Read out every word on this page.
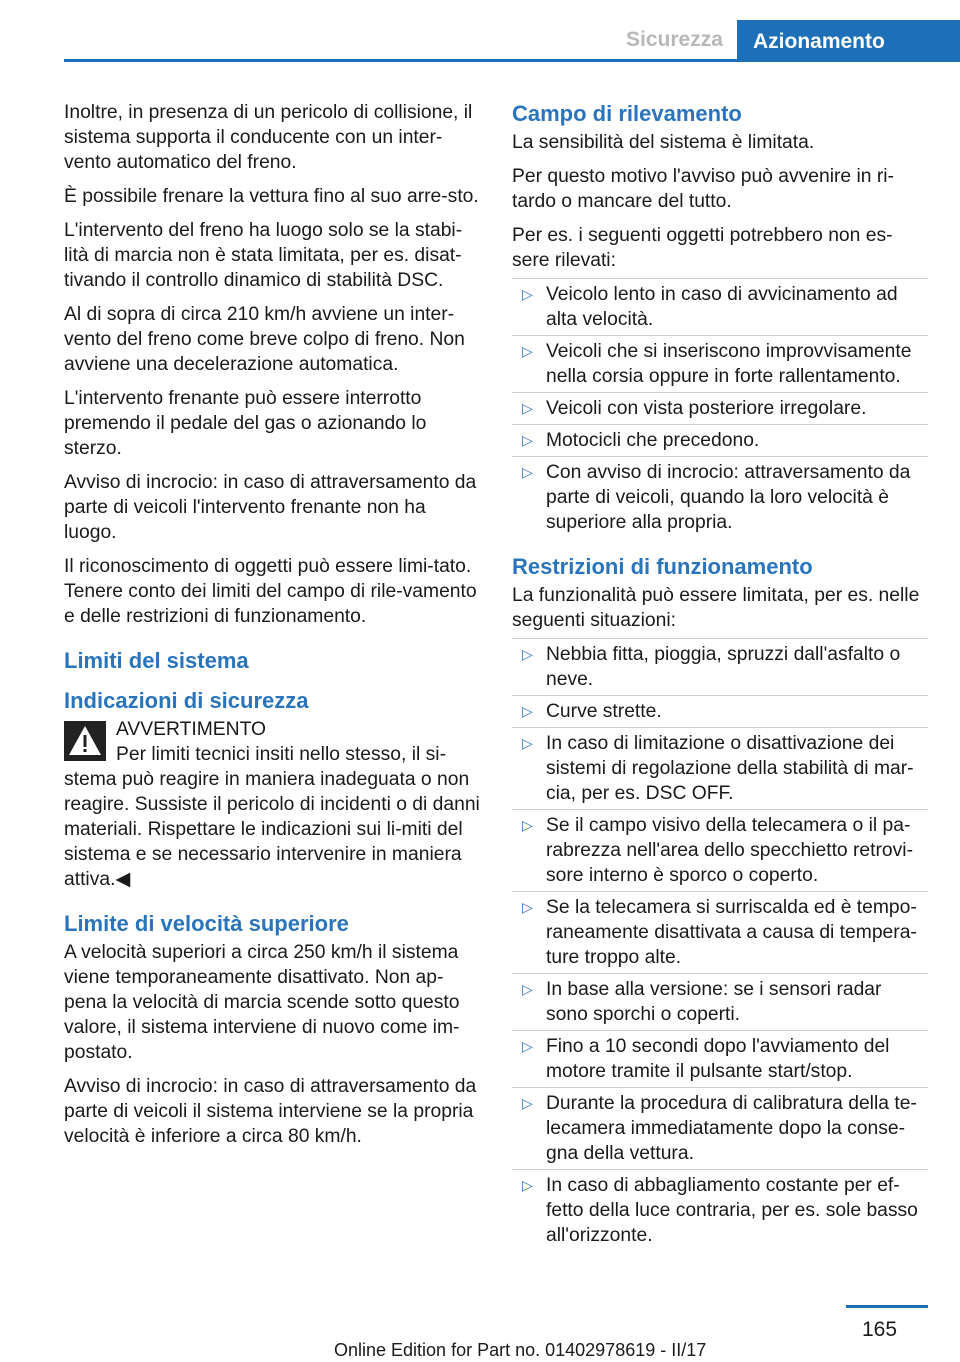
Sicurezza	Azionamento

Inoltre, in presenza di un pericolo di collisione, il sistema supporta il conducente con un inter-vento automatico del freno.

È possibile frenare la vettura fino al suo arre-sto.

L'intervento del freno ha luogo solo se la stabi-lità di marcia non è stata limitata, per es. disat-tivando il controllo dinamico di stabilità DSC.

Al di sopra di circa 210 km/h avviene un inter-vento del freno come breve colpo di freno. Non avviene una decelerazione automatica.

L'intervento frenante può essere interrotto premendo il pedale del gas o azionando lo sterzo.

Avviso di incrocio: in caso di attraversamento da parte di veicoli l'intervento frenante non ha luogo.

Il riconoscimento di oggetti può essere limi-tato. Tenere conto dei limiti del campo di rile-vamento e delle restrizioni di funzionamento.

Limiti del sistema
Indicazioni di sicurezza
AVVERTIMENTO
Per limiti tecnici insiti nello stesso, il si-
stema può reagire in maniera inadeguata o non reagire. Sussiste il pericolo di incidenti o di danni materiali. Rispettare le indicazioni sui li-miti del sistema e se necessario intervenire in maniera attiva.◀
Limite di velocità superiore

A velocità superiori a circa 250 km/h il sistema viene temporaneamente disattivato. Non ap-pena la velocità di marcia scende sotto questo valore, il sistema interviene di nuovo come im-postato.

Avviso di incrocio: in caso di attraversamento da parte di veicoli il sistema interviene se la propria velocità è inferiore a circa 80 km/h.

Campo di rilevamento

La sensibilità del sistema è limitata.

Per questo motivo l'avviso può avvenire in ri-tardo o mancare del tutto.

Per es. i seguenti oggetti potrebbero non es-sere rilevati:

▷ Veicolo lento in caso di avvicinamento ad alta velocità.
▷ Veicoli che si inseriscono improvvisamente nella corsia oppure in forte rallentamento.
▷ Veicoli con vista posteriore irregolare.
▷ Motocicli che precedono.
▷ Con avviso di incrocio: attraversamento da parte di veicoli, quando la loro velocità è superiore alla propria.
Restrizioni di funzionamento

La funzionalità può essere limitata, per es. nelle seguenti situazioni:

▷ Nebbia fitta, pioggia, spruzzi dall'asfalto o neve.
▷ Curve strette.
▷ In caso di limitazione o disattivazione dei sistemi di regolazione della stabilità di mar-cia, per es. DSC OFF.
▷ Se il campo visivo della telecamera o il pa-rabrezza nell'area dello specchietto retrovi-sore interno è sporco o coperto.
▷ Se la telecamera si surriscalda ed è tempo-raneamente disattivata a causa di tempera-ture troppo alte.
▷ In base alla versione: se i sensori radar sono sporchi o coperti.
▷ Fino a 10 secondi dopo l'avviamento del motore tramite il pulsante start/stop.
▷ Durante la procedura di calibratura della te-lecamera immediatamente dopo la conse-gna della vettura.
▷ In caso di abbagliamento costante per ef-fetto della luce contraria, per es. sole basso all'orizzonte.
165
Online Edition for Part no. 01402978619 - II/17
